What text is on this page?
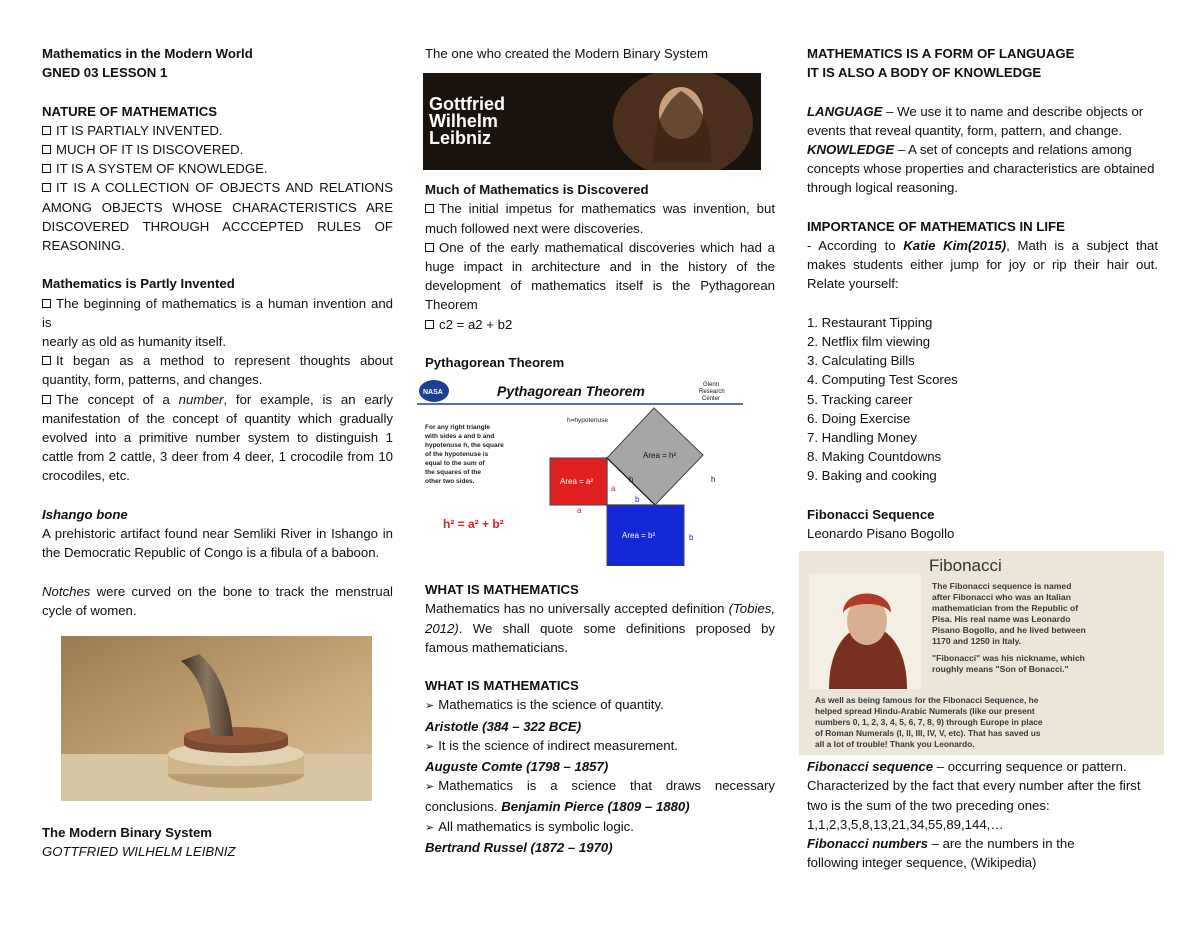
Mathematics in the Modern World

GNED 03 LESSON 1

NATURE OF MATHEMATICS

IT IS PARTIALY INVENTED.

MUCH OF IT IS DISCOVERED.

IT IS A SYSTEM OF KNOWLEDGE.

IT IS A COLLECTION OF OBJECTS AND RELATIONS AMONG OBJECTS WHOSE CHARACTERISTICS ARE DISCOVERED THROUGH ACCCEPTED RULES OF REASONING.

Mathematics is Partly Invented

The beginning of mathematics is a human invention and is

nearly as old as humanity itself.

It began as a method to represent thoughts about quantity, form, patterns, and changes.

The concept of a number, for example, is an early manifestation of the concept of quantity which gradually evolved into a primitive number system to distinguish 1 cattle from 2 cattle, 3 deer from 4 deer, 1 crocodile from 10 crocodiles, etc.

Ishango bone

A prehistoric artifact found near Semliki River in Ishango in the Democratic Republic of Congo is a fibula of a baboon.

Notches were curved on the bone to track the menstrual cycle of women.

The Modern Binary System

GOTTFRIED WILHELM LEIBNIZ

The one who created the Modern Binary System

Gottfried
Wilhelm
Leibniz

Much of Mathematics is Discovered

The initial impetus for mathematics was invention, but much followed next were discoveries.

One of the early mathematical discoveries which had a huge impact in architecture and in the history of the development of mathematics itself is the Pythagorean Theorem

c2 = a2 + b2

Pythagorean Theorem

NASA	Pythagorean Theorem	Glenn
Research
Center
For any right triangle
with sides a and b and
hypotenuse h, the square
of the hypotenuse is
equal to the sum of
the squares of the
other two sides.
h=hypotenuse
Area = h²
Area = a²
Area = b²
a
h
b
a
b
h
h² = a² + b²

WHAT IS MATHEMATICS

Mathematics has no universally accepted definition (Tobies, 2012). We shall quote some definitions proposed by famous mathematicians.

WHAT IS MATHEMATICS

➢ Mathematics is the science of quantity.

Aristotle (384 – 322 BCE)

➢ It is the science of indirect measurement.

Auguste Comte (1798 – 1857)

➢ Mathematics is a science that draws necessary conclusions. Benjamin Pierce (1809 – 1880)

➢ All mathematics is symbolic logic.

Bertrand Russel (1872 – 1970)

MATHEMATICS IS A FORM OF LANGUAGE

IT IS ALSO A BODY OF KNOWLEDGE

LANGUAGE – We use it to name and describe objects or events that reveal quantity, form, pattern, and change.

KNOWLEDGE – A set of concepts and relations among concepts whose properties and characteristics are obtained through logical reasoning.

IMPORTANCE OF MATHEMATICS IN LIFE

- According to Katie Kim(2015), Math is a subject that makes students either jump for joy or rip their hair out. Relate yourself:

1. Restaurant Tipping

2. Netflix film viewing

3. Calculating Bills

4. Computing Test Scores

5. Tracking career

6. Doing Exercise

7. Handling Money

8. Making Countdowns

9. Baking and cooking

Fibonacci Sequence

Leonardo Pisano Bogollo

Fibonacci
The Fibonacci sequence is named
after Fibonacci who was an Italian
mathematician from the Republic of
Pisa. His real name was Leonardo
Pisano Bogollo, and he lived between
1170 and 1250 in Italy.
"Fibonacci" was his nickname, which
roughly means "Son of Bonacci."
As well as being famous for the Fibonacci Sequence, he
helped spread Hindu-Arabic Numerals (like our present
numbers 0, 1, 2, 3, 4, 5, 6, 7, 8, 9) through Europe in place
of Roman Numerals (I, II, III, IV, V, etc). That has saved us
all a lot of trouble! Thank you Leonardo.

Fibonacci sequence – occurring sequence or pattern. Characterized by the fact that every number after the first two is the sum of the two preceding ones:

1,1,2,3,5,8,13,21,34,55,89,144,…

Fibonacci numbers – are the numbers in the

following integer sequence, (Wikipedia)
